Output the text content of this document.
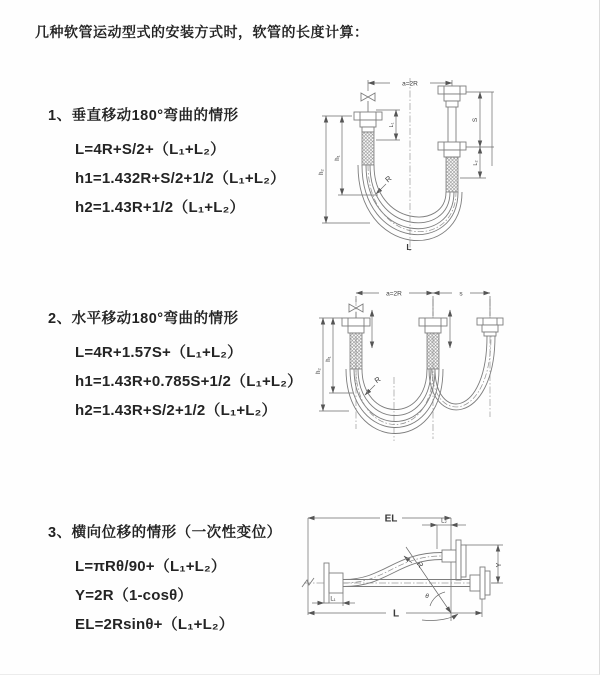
几种软管运动型式的安装方式时，软管的长度计算：
1、垂直移动180°弯曲的情形
L=4R+S/2+（L₁+L₂）
h1=1.432R+S/2+1/2（L₁+L₂）
h2=1.43R+1/2（L₁+L₂）
2、水平移动180°弯曲的情形
L=4R+1.57S+（L₁+L₂）
h1=1.43R+0.785S+1/2（L₁+L₂）
h2=1.43R+S/2+1/2（L₁+L₂）
3、横向位移的情形（一次性变位）
L=πRθ/90+（L₁+L₂）
Y=2R（1-cosθ）
EL=2Rsinθ+（L₁+L₂）
a=2R
S
L₂
L₁
h₁
h₂
R
L
a=2R	s
h₁
h₂
R
EL	L₂
Y
L
L₁
R
θ
